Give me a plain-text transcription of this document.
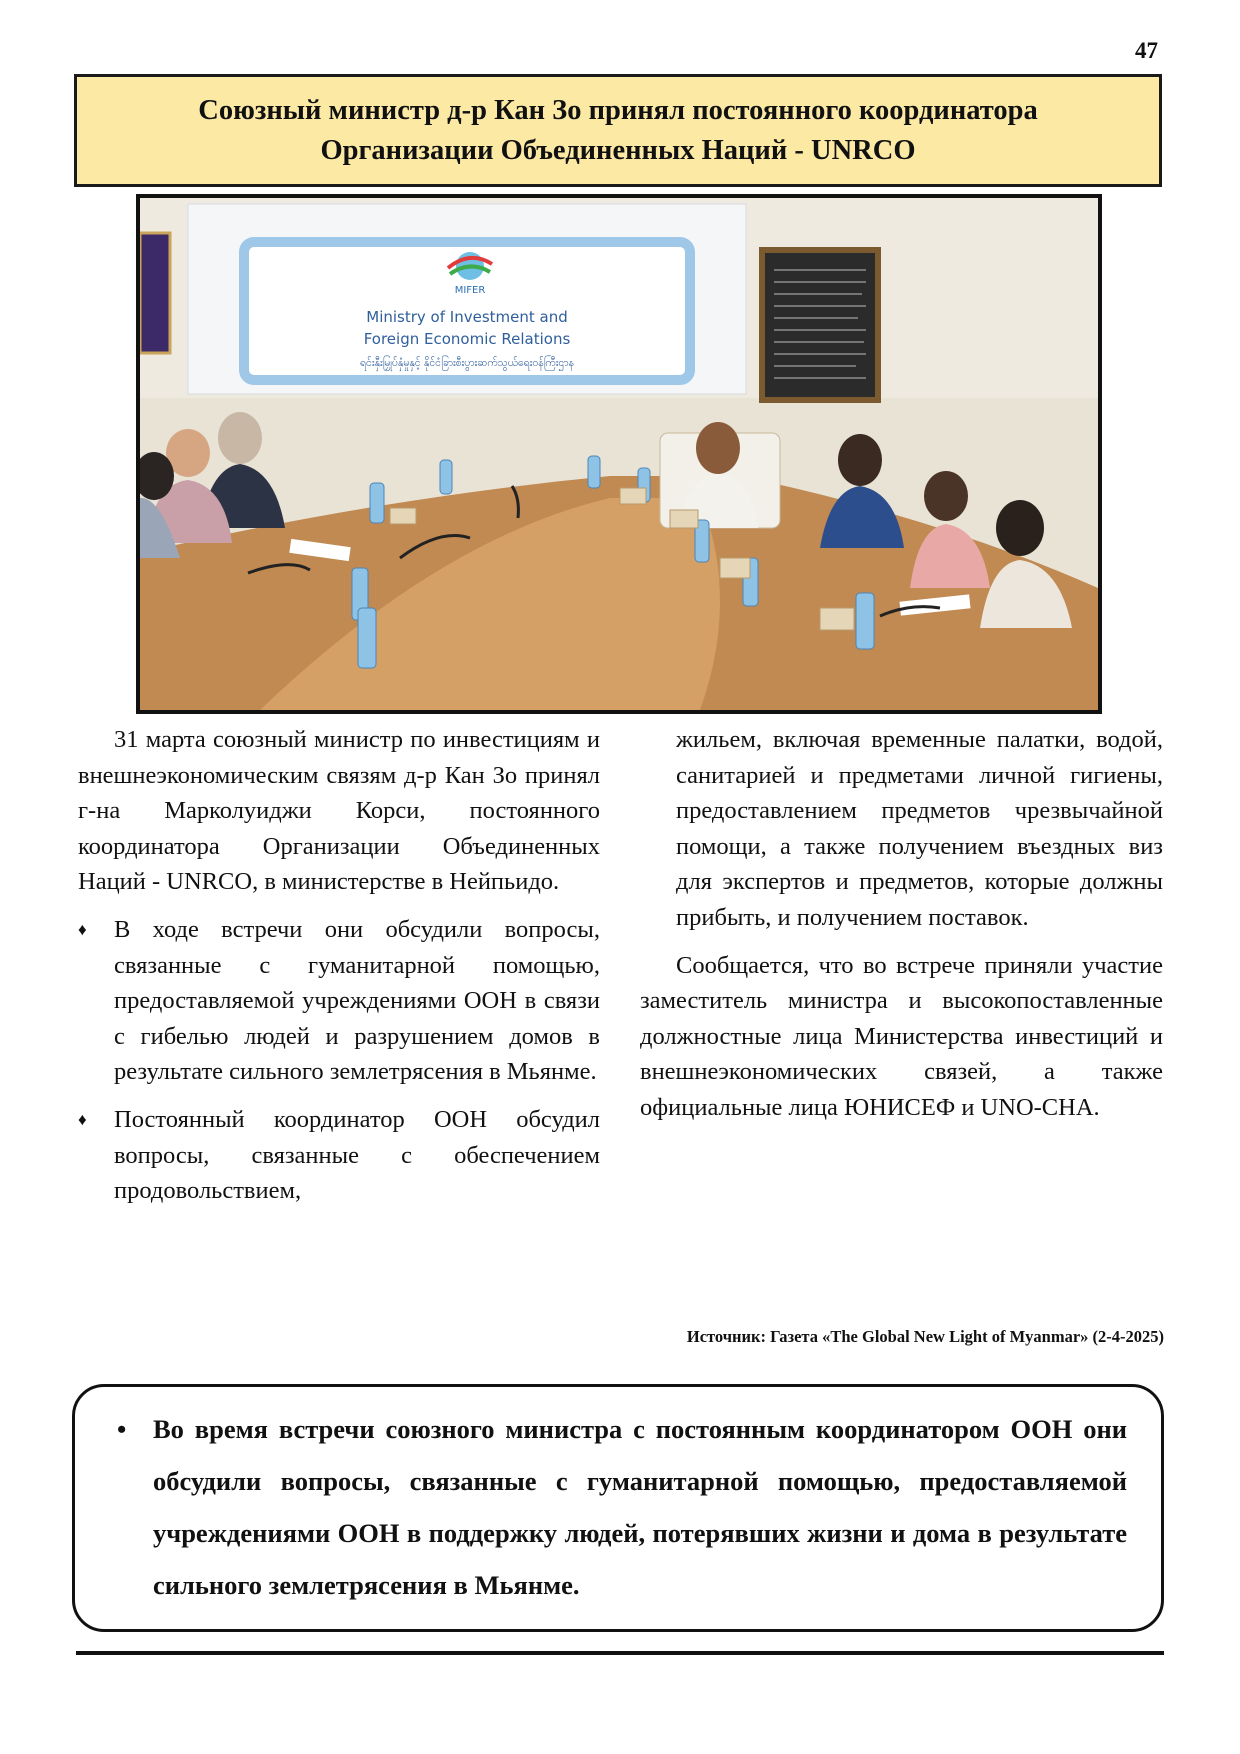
47
Союзный министр д-р Кан Зо принял постоянного координатора
Организации Объединенных Наций - UNRCO
MIFER
Ministry of Investment and
Foreign Economic Relations
ရင်းနှီးမြှုပ်နှံမှုနှင့် နိုင်ငံခြားစီးပွားဆက်သွယ်ရေးဝန်ကြီးဌာန

31 марта союзный министр по инвестициям и внешнеэкономическим связям д-р Кан Зо принял г-на Марколуиджи Корси, постоянного координатора Организации Объединенных Наций - UNRCO, в министерстве в Нейпьидо.

♦ В ходе встречи они обсудили вопросы, связанные с гуманитарной помощью, предоставляемой учреждениями ООН в связи с гибелью людей и разрушением домов в результате сильного землетрясения в Мьянме.

♦ Постоянный координатор ООН обсудил вопросы, связанные с обеспечением продовольствием,

жильем, включая временные палатки, водой, санитарией и предметами личной гигиены, предоставлением предметов чрезвычайной помощи, а также получением въездных виз для экспертов и предметов, которые должны прибыть, и получением поставок.

Сообщается, что во встрече приняли участие заместитель министра и высокопоставленные должностные лица Министерства инвестиций и внешнеэкономических связей, а также официальные лица ЮНИСЕФ и UNO-CHA.

Источник: Газета «The Global New Light of Myanmar» (2-4-2025)

• Во время встречи союзного министра с постоянным координатором ООН они обсудили вопросы, связанные с гуманитарной помощью, предоставляемой учреждениями ООН в поддержку людей, потерявших жизни и дома в результате сильного землетрясения в Мьянме.
